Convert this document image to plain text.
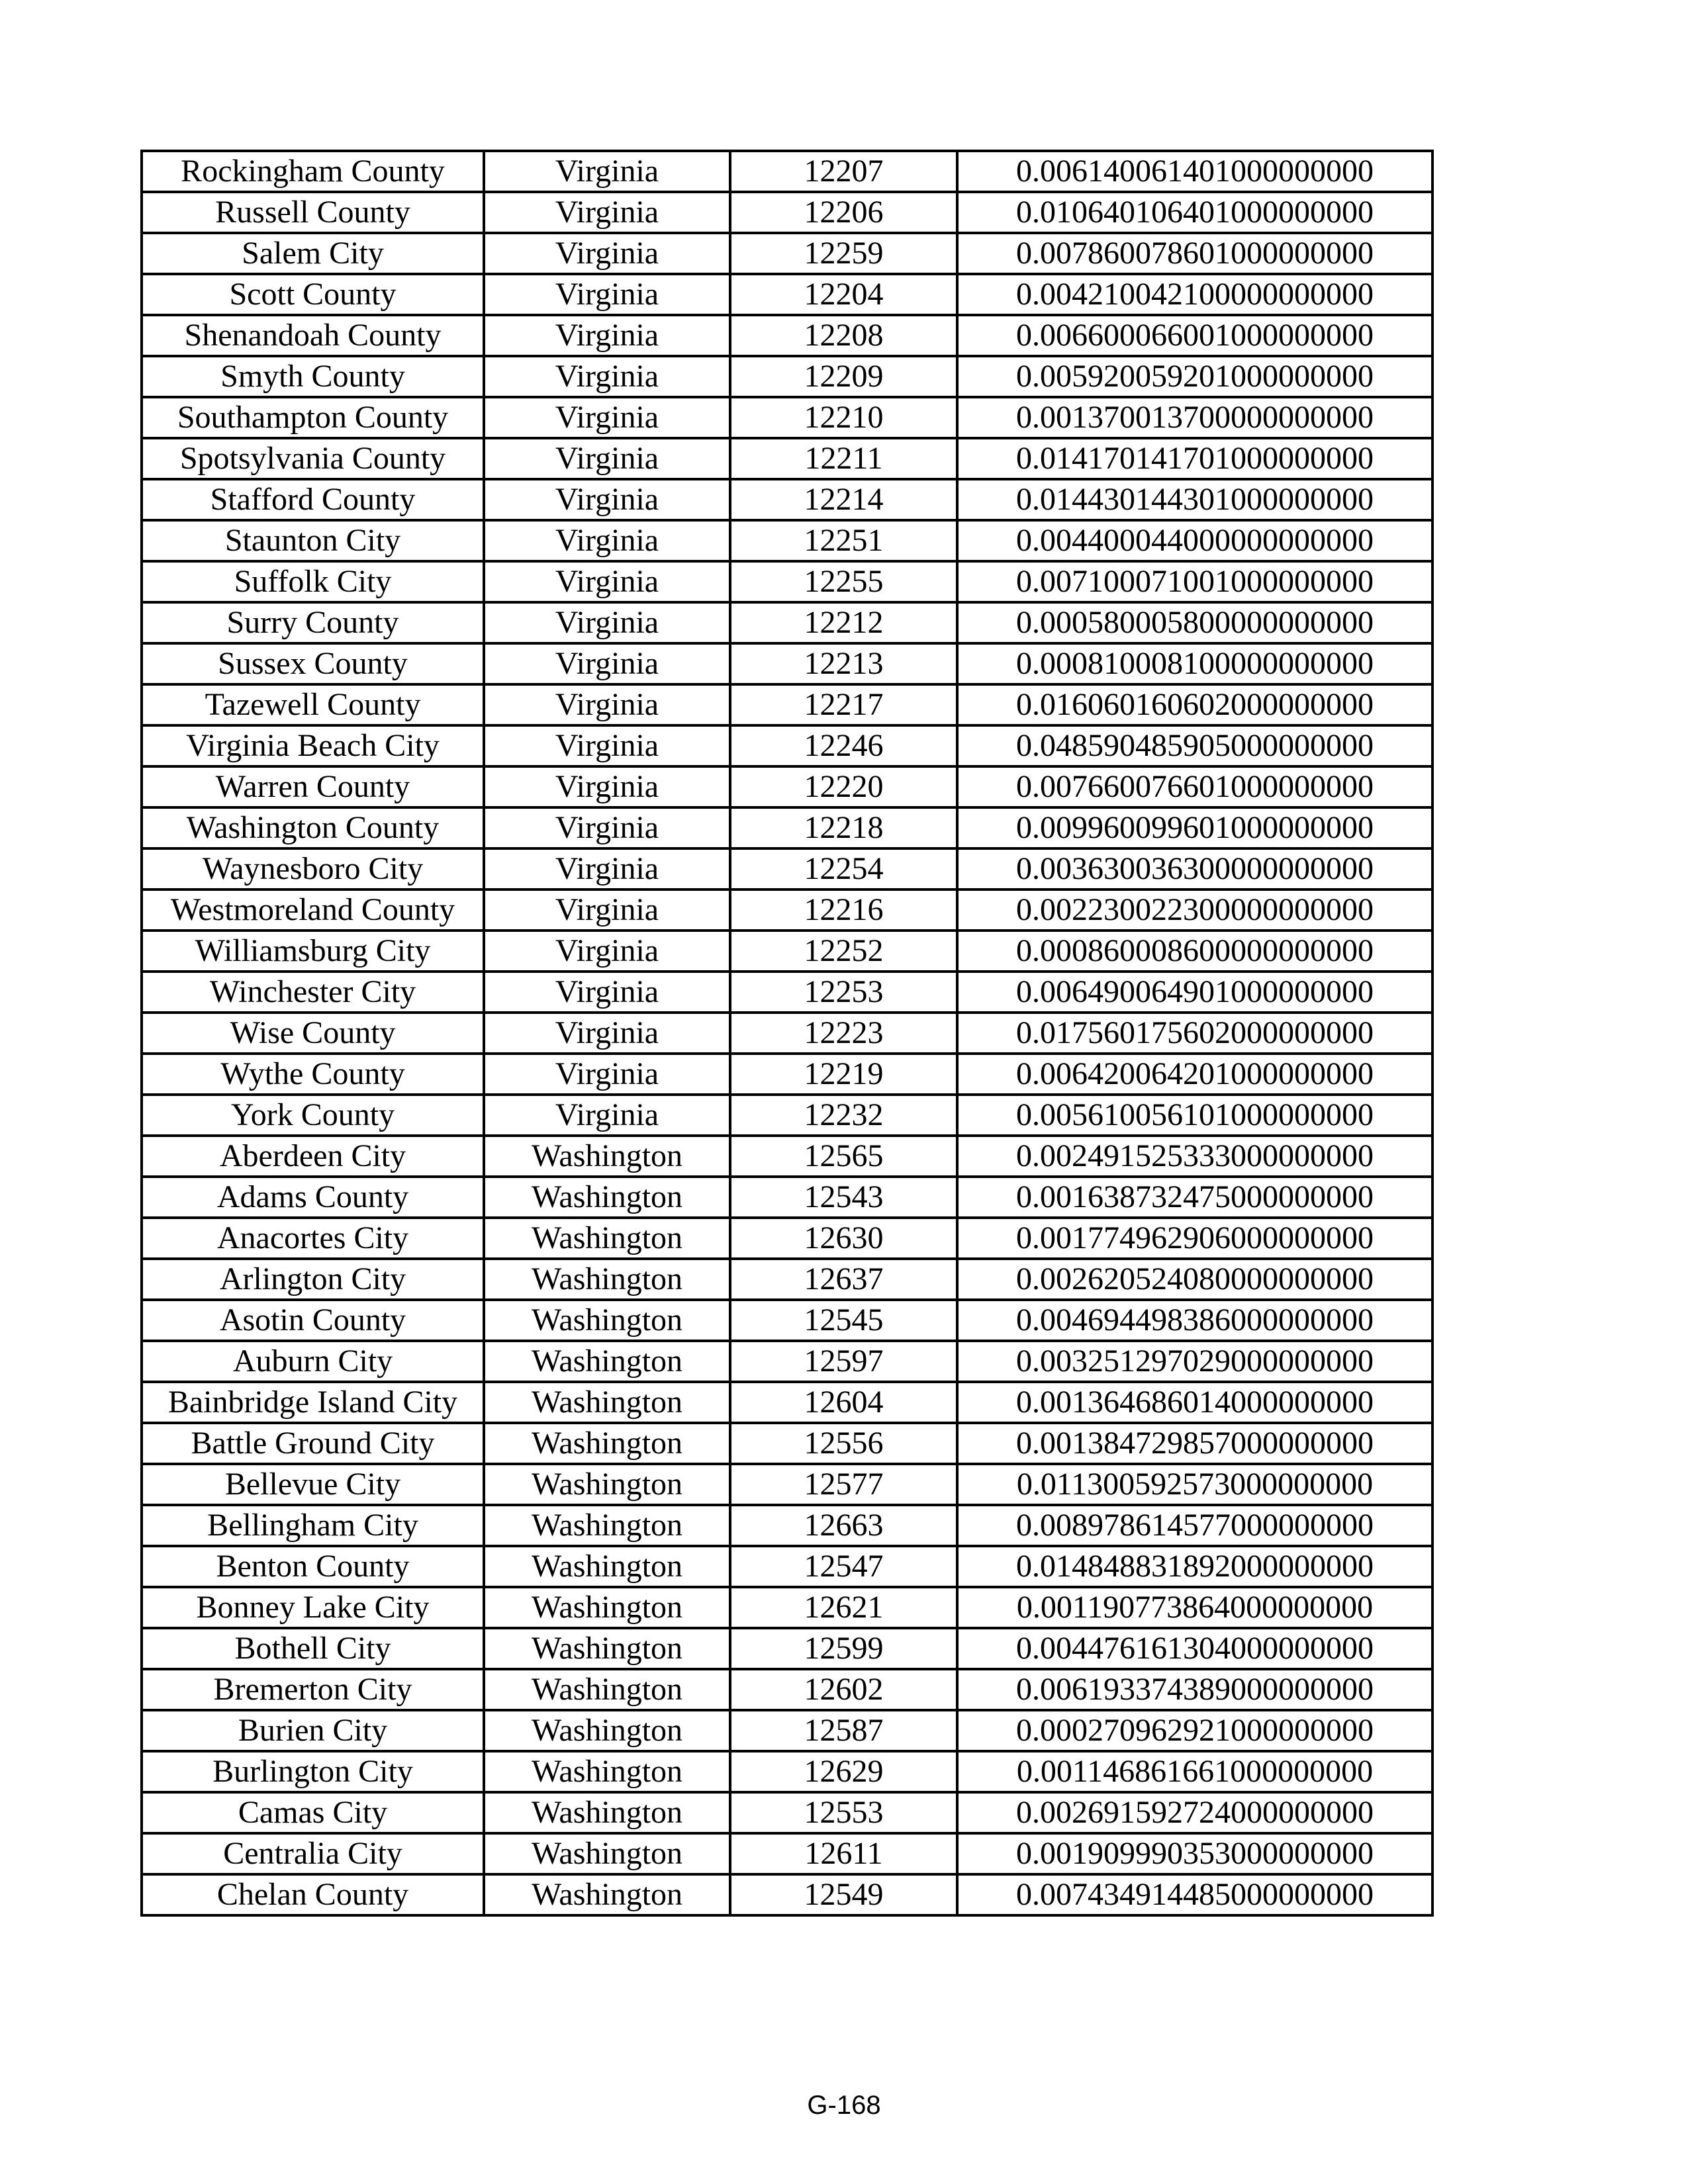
Rockingham County	Virginia	12207	0.006140061401000000000
Russell County	Virginia	12206	0.010640106401000000000
Salem City	Virginia	12259	0.007860078601000000000
Scott County	Virginia	12204	0.004210042100000000000
Shenandoah County	Virginia	12208	0.006600066001000000000
Smyth County	Virginia	12209	0.005920059201000000000
Southampton County	Virginia	12210	0.001370013700000000000
Spotsylvania County	Virginia	12211	0.014170141701000000000
Stafford County	Virginia	12214	0.014430144301000000000
Staunton City	Virginia	12251	0.004400044000000000000
Suffolk City	Virginia	12255	0.007100071001000000000
Surry County	Virginia	12212	0.000580005800000000000
Sussex County	Virginia	12213	0.000810008100000000000
Tazewell County	Virginia	12217	0.016060160602000000000
Virginia Beach City	Virginia	12246	0.048590485905000000000
Warren County	Virginia	12220	0.007660076601000000000
Washington County	Virginia	12218	0.009960099601000000000
Waynesboro City	Virginia	12254	0.003630036300000000000
Westmoreland County	Virginia	12216	0.002230022300000000000
Williamsburg City	Virginia	12252	0.000860008600000000000
Winchester City	Virginia	12253	0.006490064901000000000
Wise County	Virginia	12223	0.017560175602000000000
Wythe County	Virginia	12219	0.006420064201000000000
York County	Virginia	12232	0.005610056101000000000
Aberdeen City	Washington	12565	0.002491525333000000000
Adams County	Washington	12543	0.001638732475000000000
Anacortes City	Washington	12630	0.001774962906000000000
Arlington City	Washington	12637	0.002620524080000000000
Asotin County	Washington	12545	0.004694498386000000000
Auburn City	Washington	12597	0.003251297029000000000
Bainbridge Island City	Washington	12604	0.001364686014000000000
Battle Ground City	Washington	12556	0.001384729857000000000
Bellevue City	Washington	12577	0.011300592573000000000
Bellingham City	Washington	12663	0.008978614577000000000
Benton County	Washington	12547	0.014848831892000000000
Bonney Lake City	Washington	12621	0.001190773864000000000
Bothell City	Washington	12599	0.004476161304000000000
Bremerton City	Washington	12602	0.006193374389000000000
Burien City	Washington	12587	0.000270962921000000000
Burlington City	Washington	12629	0.001146861661000000000
Camas City	Washington	12553	0.002691592724000000000
Centralia City	Washington	12611	0.001909990353000000000
Chelan County	Washington	12549	0.007434914485000000000
G-168
